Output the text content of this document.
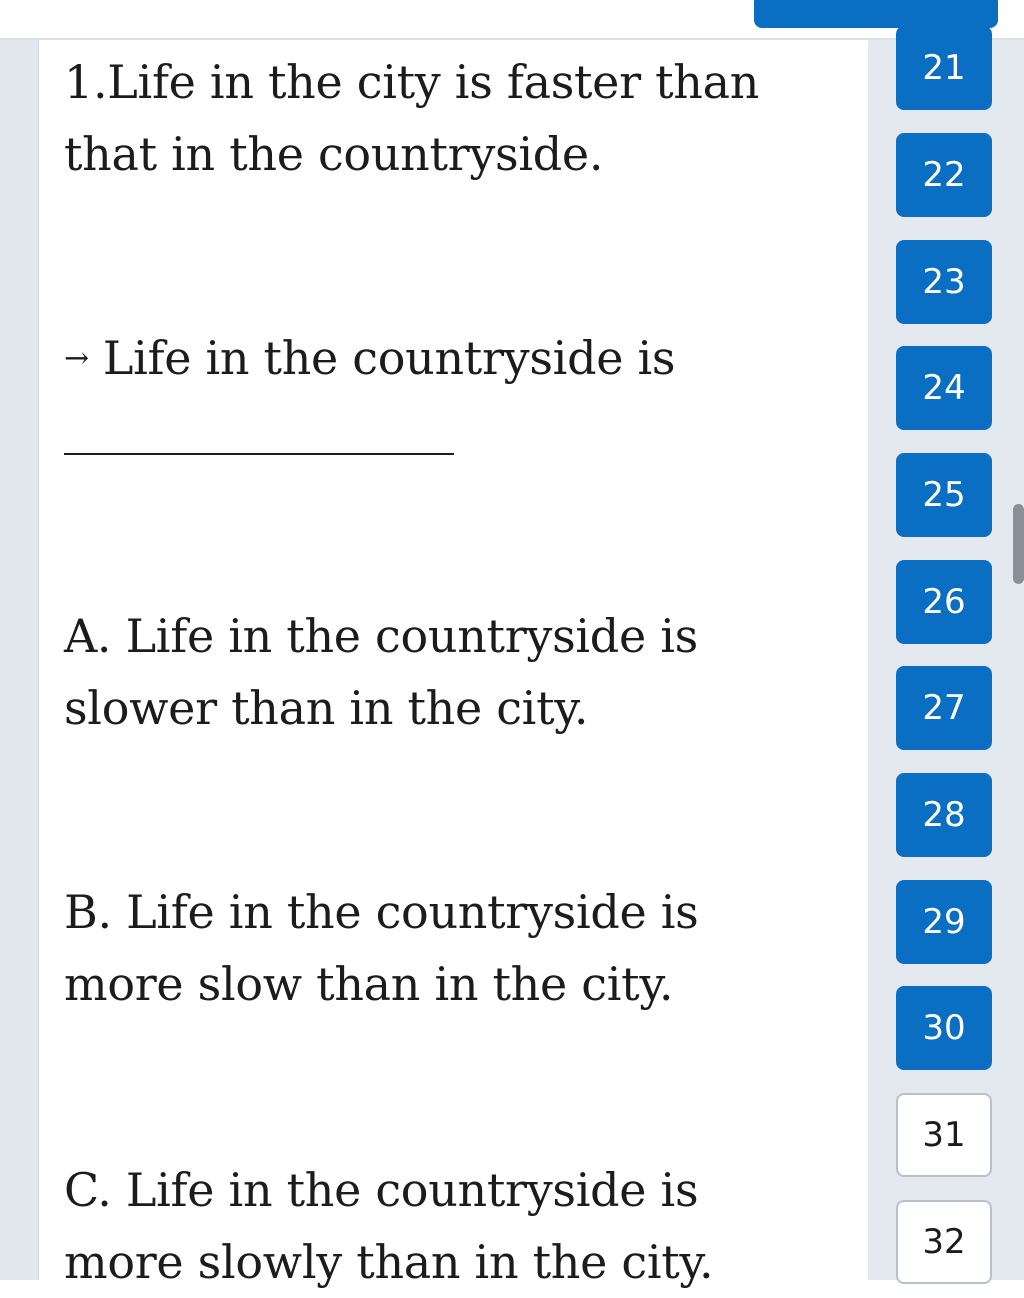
1.Life in the city is faster than that in the countryside.

→ Life in the countryside is

A. Life in the countryside is slower than in the city.

B. Life in the countryside is more slow than in the city.

C. Life in the countryside is more slowly than in the city.

21
22
23
24
25
26
27
28
29
30
31
32
